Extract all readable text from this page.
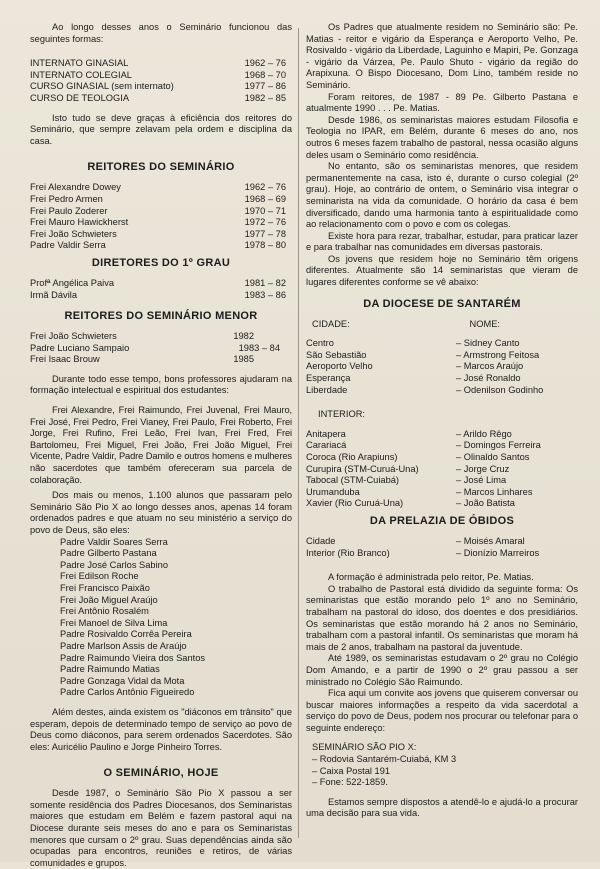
Ao longo desses anos o Seminário funcionou das seguintes formas:

INTERNATO GINASIAL	1962 – 76
INTERNATO COLEGIAL	1968 – 70
CURSO GINASIAL (sem internato)	1977 – 86
CURSO DE TEOLOGIA	1982 – 85

Isto tudo se deve graças à eficiência dos reitores do Seminário, que sempre zelavam pela ordem e disciplina da casa.

REITORES DO SEMINÁRIO
Frei Alexandre Dowey	1962 – 76
Frei Pedro Armen	1968 – 69
Frei Paulo Zoderer	1970 – 71
Frei Mauro Hawickherst	1972 – 76
Frei João Schwieters	1977 – 78
Padre Valdir Serra	1978 – 80
DIRETORES DO 1º GRAU
Profª Angélica Paiva	1981 – 82
Irmã Dávila	1983 – 86
REITORES DO SEMINÁRIO MENOR
Frei João Schwieters	1982
Padre Luciano Sampaio	1983 – 84
Frei Isaac Brouw	1985

Durante todo esse tempo, bons professores ajudaram na formação intelectual e espiritual dos estudantes:

Frei Alexandre, Frei Raimundo, Frei Juvenal, Frei Mauro, Frei José, Frei Pedro, Frei Vianey, Frei Paulo, Frei Roberto, Frei Jorge, Frei Rufino, Frei Leão, Frei Ivan, Frei Fred, Frei Bartolomeu, Frei Miguel, Frei João, Frei João Miguel, Frei Vicente, Padre Valdir, Padre Damilo e outros homens e mulheres não sacerdotes que também ofereceram sua parcela de colaboração.

Dos mais ou menos, 1.100 alunos que passaram pelo Seminário São Pio X ao longo desses anos, apenas 14 foram ordenados padres e que atuam no seu ministério a serviço do povo de Deus, são eles:

Padre Valdir Soares Serra
Padre Gilberto Pastana
Padre José Carlos Sabino
Frei Edilson Roche
Frei Francisco Paixão
Frei João Miguel Araújo
Frei Antônio Rosalém
Frei Manoel de Silva Lima
Padre Rosivaldo Corrêa Pereira
Padre Marlson Assis de Araújo
Padre Raimundo Vieira dos Santos
Padre Raimundo Matias
Padre Gonzaga Vidal da Mota
Padre Carlos Antônio Figueiredo

Além destes, ainda existem os "diáconos em trânsito" que esperam, depois de determinado tempo de serviço ao povo de Deus como diáconos, para serem ordenados Sacerdotes. São eles: Auricélio Paulino e Jorge Pinheiro Torres.

O SEMINÁRIO, HOJE

Desde 1987, o Seminário São Pio X passou a ser somente residência dos Padres Diocesanos, dos Seminaristas maiores que estudam em Belém e fazem pastoral aqui na Diocese durante seis meses do ano e para os Seminaristas menores que cursam o 2º grau. Suas dependências ainda são ocupadas para encontros, reuniões e retiros, de várias comunidades e grupos.

Os Padres que atualmente residem no Seminário são: Pe. Matias - reitor e vigário da Esperança e Aeroporto Velho, Pe. Rosivaldo - vigário da Liberdade, Laguinho e Mapiri, Pe. Gonzaga - vigário da Várzea, Pe. Paulo Shuto - vigário da região do Arapixuna. O Bispo Diocesano, Dom Lino, também reside no Seminário.

Foram reitores, de 1987 - 89 Pe. Gilberto Pastana e atualmente 1990 . . . Pe. Matias.

Desde 1986, os seminaristas maiores estudam Filosofia e Teologia no IPAR, em Belém, durante 6 meses do ano, nos outros 6 meses fazem trabalho de pastoral, nessa ocasião alguns deles usam o Seminário como residência.

No entanto, são os seminaristas menores, que residem permanentemente na casa, isto é, durante o curso colegial (2º grau). Hoje, ao contrário de ontem, o Seminário visa integrar o seminarista na vida da comunidade. O horário da casa é bem diversificado, dando uma harmonia tanto à espiritualidade como ao relacionamento com o povo e com os colegas.

Existe hora para rezar, trabalhar, estudar, para praticar lazer e para trabalhar nas comunidades em diversas pastorais.

Os jovens que residem hoje no Seminário têm origens diferentes. Atualmente são 14 seminaristas que vieram de lugares diferentes conforme se vê abaixo:

DA DIOCESE DE SANTARÉM
CIDADE:	NOME:
Centro	– Sidney Canto
São Sebastião	– Armstrong Feitosa
Aeroporto Velho	– Marcos Araújo
Esperança	– José Ronaldo
Liberdade	– Odenilson Godinho
INTERIOR:
Anitapera	– Arildo Rêgo
Carariacá	– Domingos Ferreira
Coroca (Rio Arapiuns)	– Olinaldo Santos
Curupira (STM-Curuá-Una)	– Jorge Cruz
Tabocal (STM-Cuiabá)	– José Lima
Urumanduba	– Marcos Linhares
Xavier (Rio Curuá-Una)	– João Batista
DA PRELAZIA DE ÓBIDOS
Cidade	– Moisés Amaral
Interior (Rio Branco)	– Dionízio Marreiros

A formação é administrada pelo reitor, Pe. Matias.

O trabalho de Pastoral está dividido da seguinte forma: Os seminaristas que estão morando pelo 1º ano no Seminário, trabalham na pastoral do idoso, dos doentes e dos presidiários. Os seminaristas que estão morando há 2 anos no Seminário, trabalham com a pastoral infantil. Os seminaristas que moram há mais de 2 anos, trabalham na pastoral da juventude.

Até 1989, os seminaristas estudavam o 2º grau no Colégio Dom Amando, e a partir de 1990 o 2º grau passou a ser ministrado no Colégio São Raimundo.

Fica aqui um convite aos jovens que quiserem conversar ou buscar maiores informações a respeito da vida sacerdotal a serviço do povo de Deus, podem nos procurar ou telefonar para o seguinte endereço:

SEMINÁRIO SÃO PIO X:
– Rodovia Santarém-Cuiabá, KM 3
– Caixa Postal 191
– Fone: 522-1859.

Estamos sempre dispostos a atendê-lo e ajudá-lo a procurar uma decisão para sua vida.
